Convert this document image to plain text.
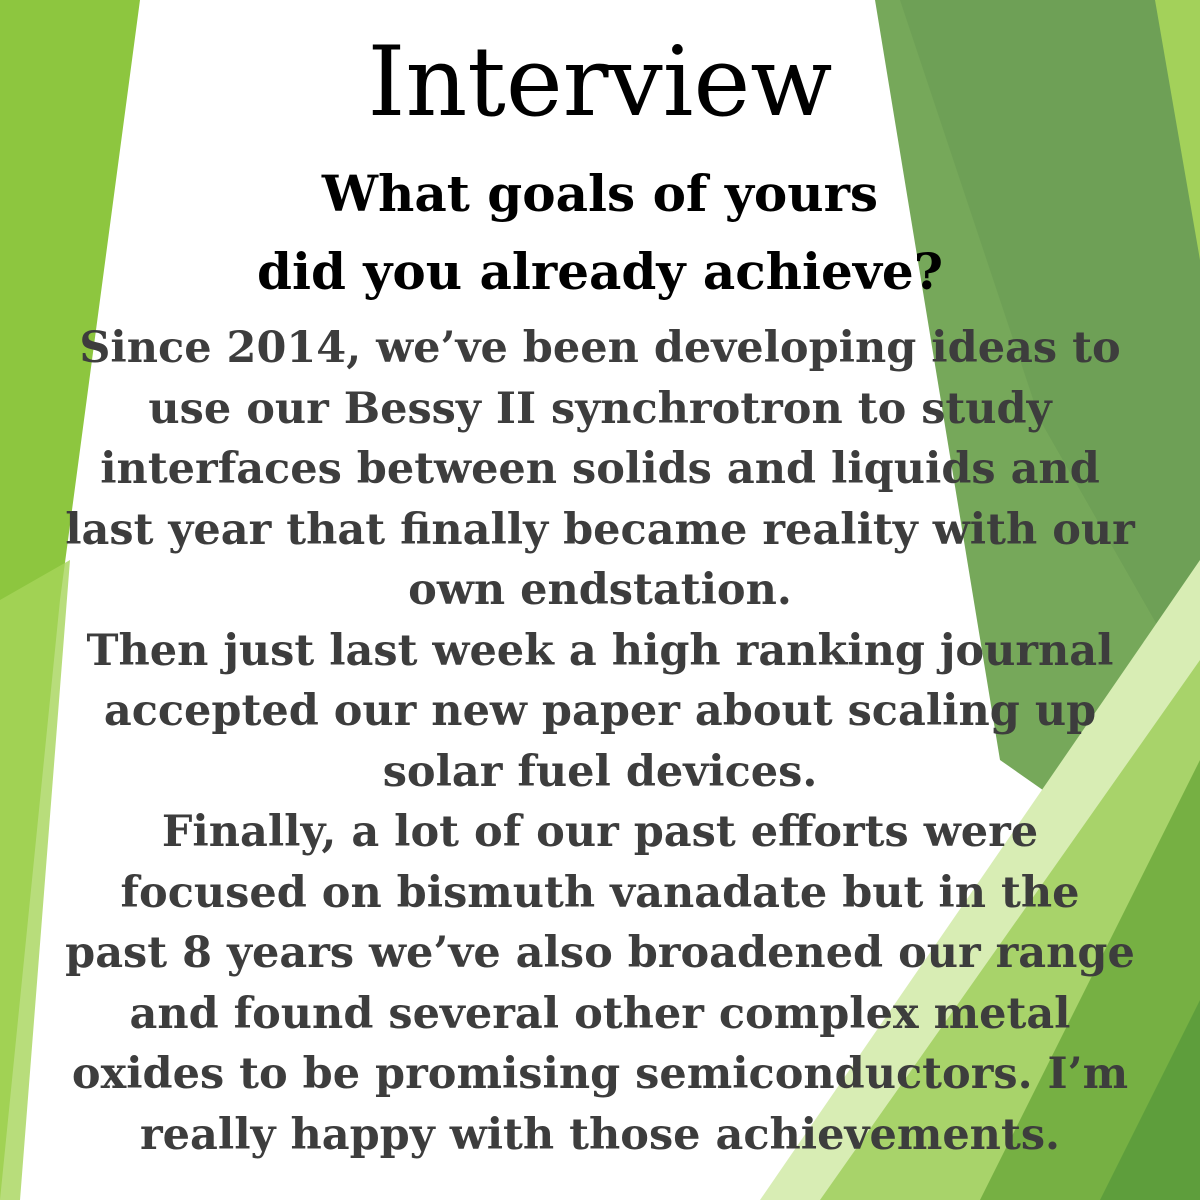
Interview
What goals of yours
did you already achieve?
Since 2014, we’ve been developing ideas to
use our Bessy II synchrotron to study
interfaces between solids and liquids and
last year that finally became reality with our
own endstation.
Then just last week a high ranking journal
accepted our new paper about scaling up
solar fuel devices.
Finally, a lot of our past efforts were
focused on bismuth vanadate but in the
past 8 years we’ve also broadened our range
and found several other complex metal
oxides to be promising semiconductors. I’m
really happy with those achievements.
